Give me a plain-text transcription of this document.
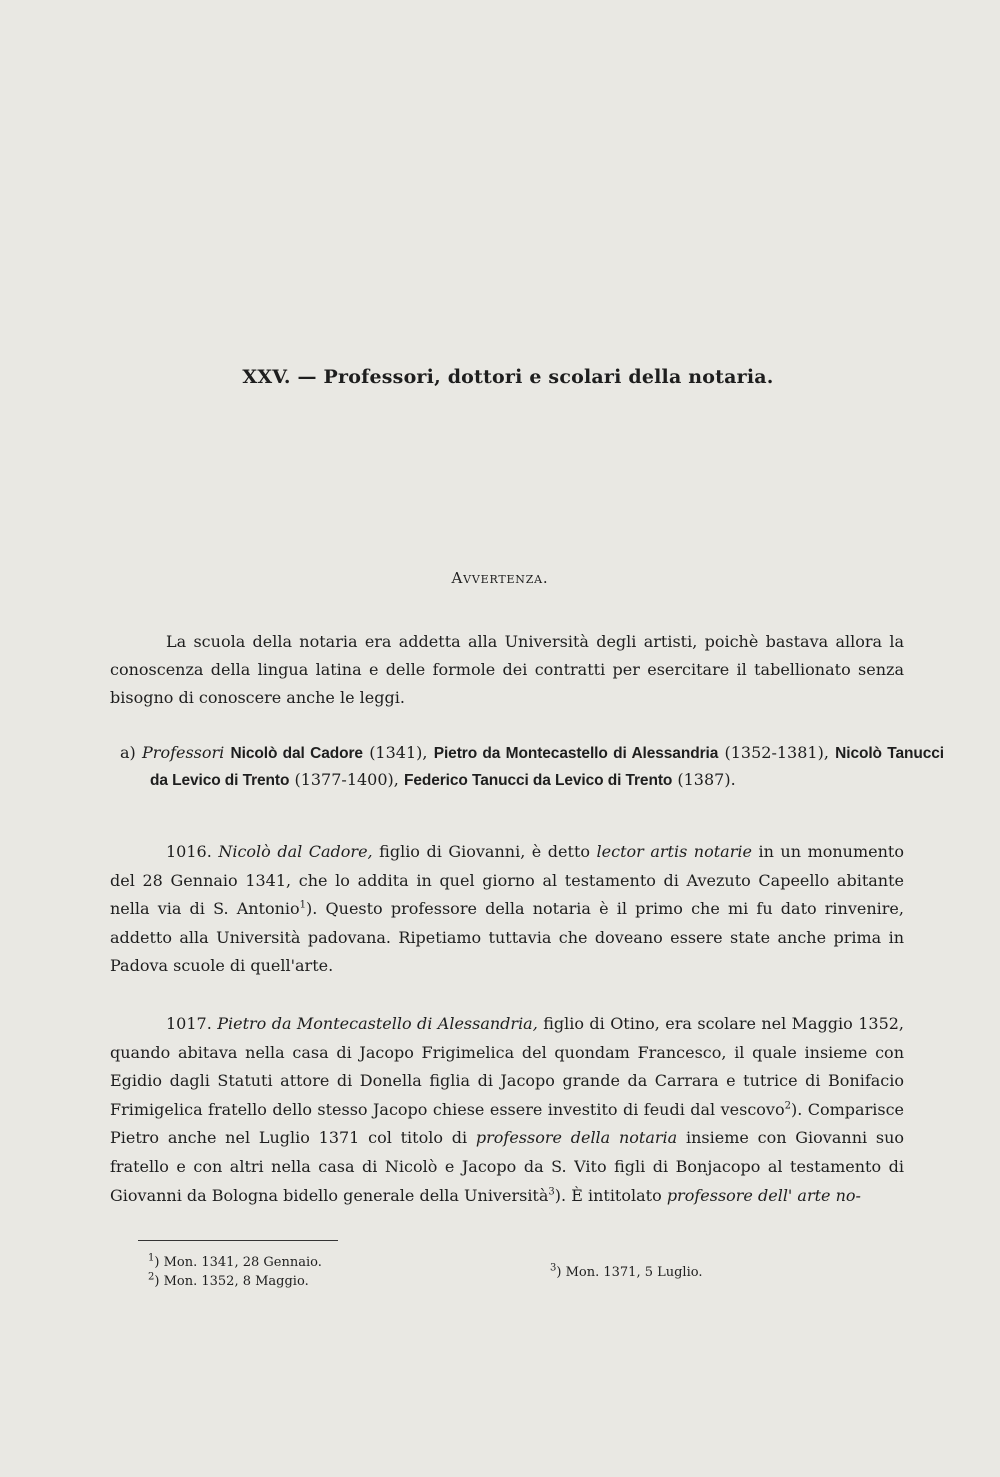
XXV. — Professori, dottori e scolari della notaria.
Avvertenza.
La scuola della notaria era addetta alla Università degli artisti, poichè bastava allora la conoscenza della lingua latina e delle formole dei contratti per esercitare il tabellionato senza bisogno di conoscere anche le leggi.
a) Professori Nicolò dal Cadore (1341), Pietro da Montecastello di Alessandria (1352-1381), Nicolò Tanucci da Levico di Trento (1377-1400), Federico Tanucci da Levico di Trento (1387).
1016. Nicolò dal Cadore, figlio di Giovanni, è detto lector artis notarie in un monumento del 28 Gennaio 1341, che lo addita in quel giorno al testamento di Avezuto Capeello abitante nella via di S. Antonio$^1$). Questo professore della notaria è il primo che mi fu dato rinvenire, addetto alla Università padovana. Ripetiamo tuttavia che doveano essere state anche prima in Padova scuole di quell'arte.
1017. Pietro da Montecastello di Alessandria, figlio di Otino, era scolare nel Maggio 1352, quando abitava nella casa di Jacopo Frigimelica del quondam Francesco, il quale insieme con Egidio dagli Statuti attore di Donella figlia di Jacopo grande da Carrara e tutrice di Bonifacio Frimigelica fratello dello stesso Jacopo chiese essere investito di feudi dal vescovo$^2$). Comparisce Pietro anche nel Luglio 1371 col titolo di professore della notaria insieme con Giovanni suo fratello e con altri nella casa di Nicolò e Jacopo da S. Vito figli di Bonjacopo al testamento di Giovanni da Bologna bidello generale della Università$^3$). È intitolato professore dell' arte no-
$^1$) Mon. 1341, 28 Gennaio.
$^2$) Mon. 1352, 8 Maggio.
$^3$) Mon. 1371, 5 Luglio.
